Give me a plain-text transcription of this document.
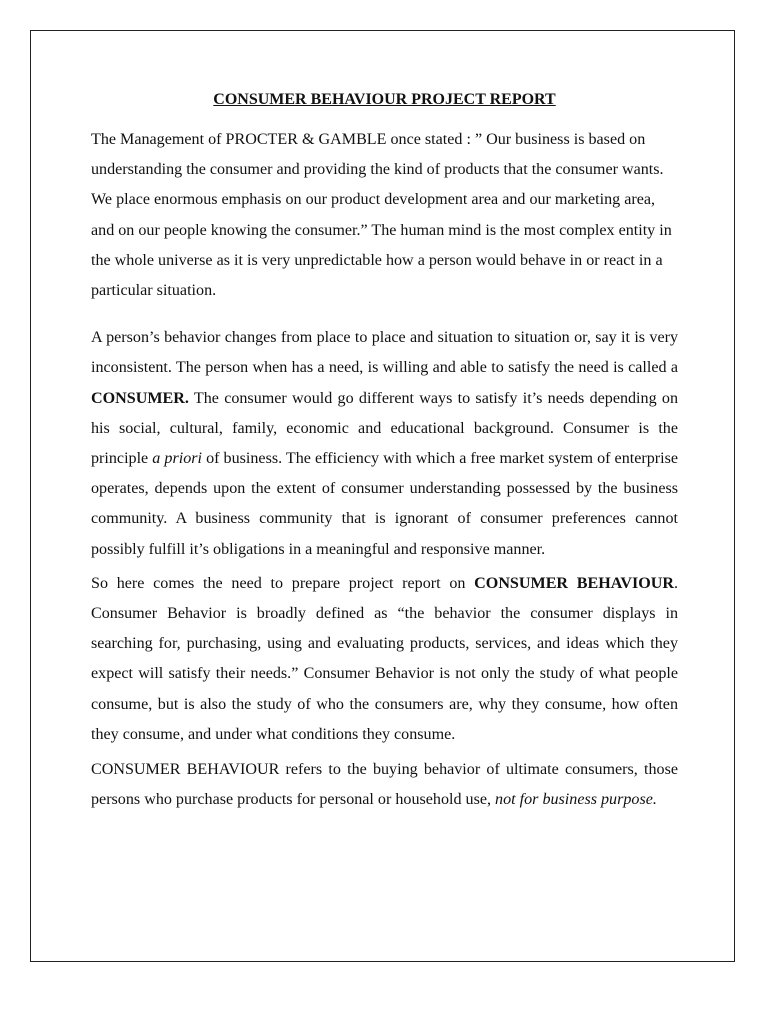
CONSUMER BEHAVIOUR PROJECT REPORT

The Management of PROCTER & GAMBLE once stated : ” Our business is based on understanding the consumer and providing the kind of products that the consumer wants. We place enormous emphasis on our product development area and our marketing area, and on our people knowing the consumer.” The human mind is the most complex entity in the whole universe as it is very unpredictable how a person would behave in or react in a particular situation.

A person’s behavior changes from place to place and situation to situation or, say it is very inconsistent. The person when has a need, is willing and able to satisfy the need is called a CONSUMER. The consumer would go different ways to satisfy it’s needs depending on his social, cultural, family, economic and educational background. Consumer is the principle a priori of business. The efficiency with which a free market system of enterprise operates, depends upon the extent of consumer understanding possessed by the business community. A business community that is ignorant of consumer preferences cannot possibly fulfill it’s obligations in a meaningful and responsive manner.

So here comes the need to prepare project report on CONSUMER BEHAVIOUR. Consumer Behavior is broadly defined as “the behavior the consumer displays in searching for, purchasing, using and evaluating products, services, and ideas which they expect will satisfy their needs.” Consumer Behavior is not only the study of what people consume, but is also the study of who the consumers are, why they consume, how often they consume, and under what conditions they consume.

CONSUMER BEHAVIOUR refers to the buying behavior of ultimate consumers, those persons who purchase products for personal or household use, not for business purpose.
